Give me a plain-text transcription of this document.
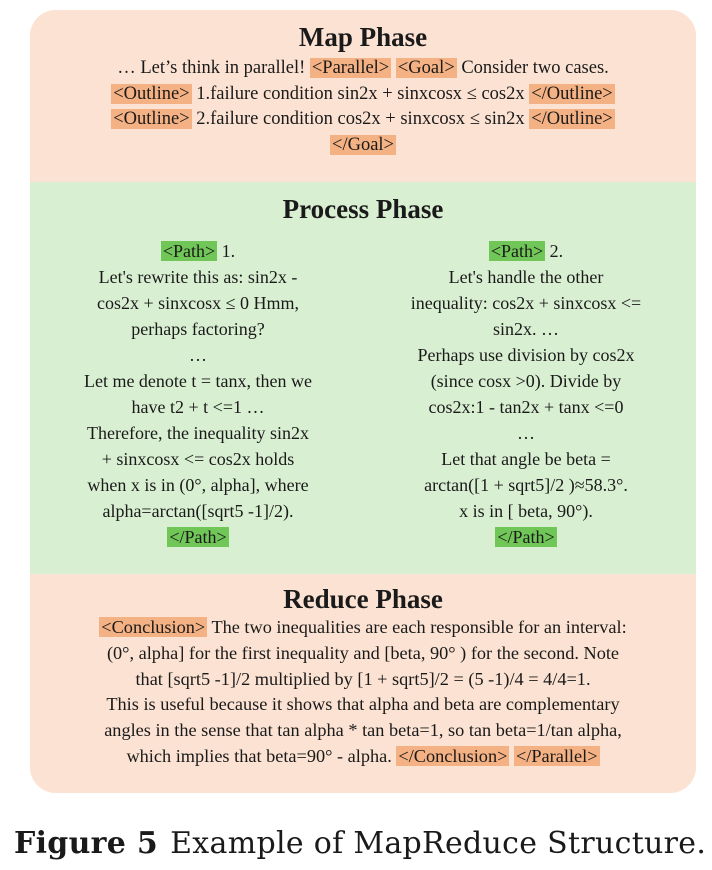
Map Phase
… Let’s think in parallel! <Parallel> <Goal> Consider two cases.
<Outline> 1.failure condition sin2x + sinxcosx ≤ cos2x </Outline>
<Outline> 2.failure condition cos2x + sinxcosx ≤ sin2x </Outline>
</Goal>
Process Phase
<Path> 1.
Let's rewrite this as: sin2x -
cos2x + sinxcosx ≤ 0 Hmm,
perhaps factoring?
…
Let me denote t = tanx, then we
have t2 + t <=1 …
Therefore, the inequality sin2x
+ sinxcosx <= cos2x holds
when x is in (0°, alpha], where
alpha=arctan([sqrt5 -1]/2).
</Path>
<Path> 2.
Let's handle the other
inequality: cos2x + sinxcosx <=
sin2x. …
Perhaps use division by cos2x
(since cosx >0). Divide by
cos2x:1 - tan2x + tanx <=0
…
Let that angle be beta =
arctan([1 + sqrt5]/2 )≈58.3°.
x is in [ beta, 90°).
</Path>
Reduce Phase
<Conclusion> The two inequalities are each responsible for an interval:
(0°, alpha] for the first inequality and [beta, 90° ) for the second. Note
that [sqrt5 -1]/2 multiplied by [1 + sqrt5]/2 = (5 -1)/4 = 4/4=1.
This is useful because it shows that alpha and beta are complementary
angles in the sense that tan alpha * tan beta=1, so tan beta=1/tan alpha,
which implies that beta=90° - alpha. </Conclusion> </Parallel>
Figure 5 Example of MapReduce Structure.
